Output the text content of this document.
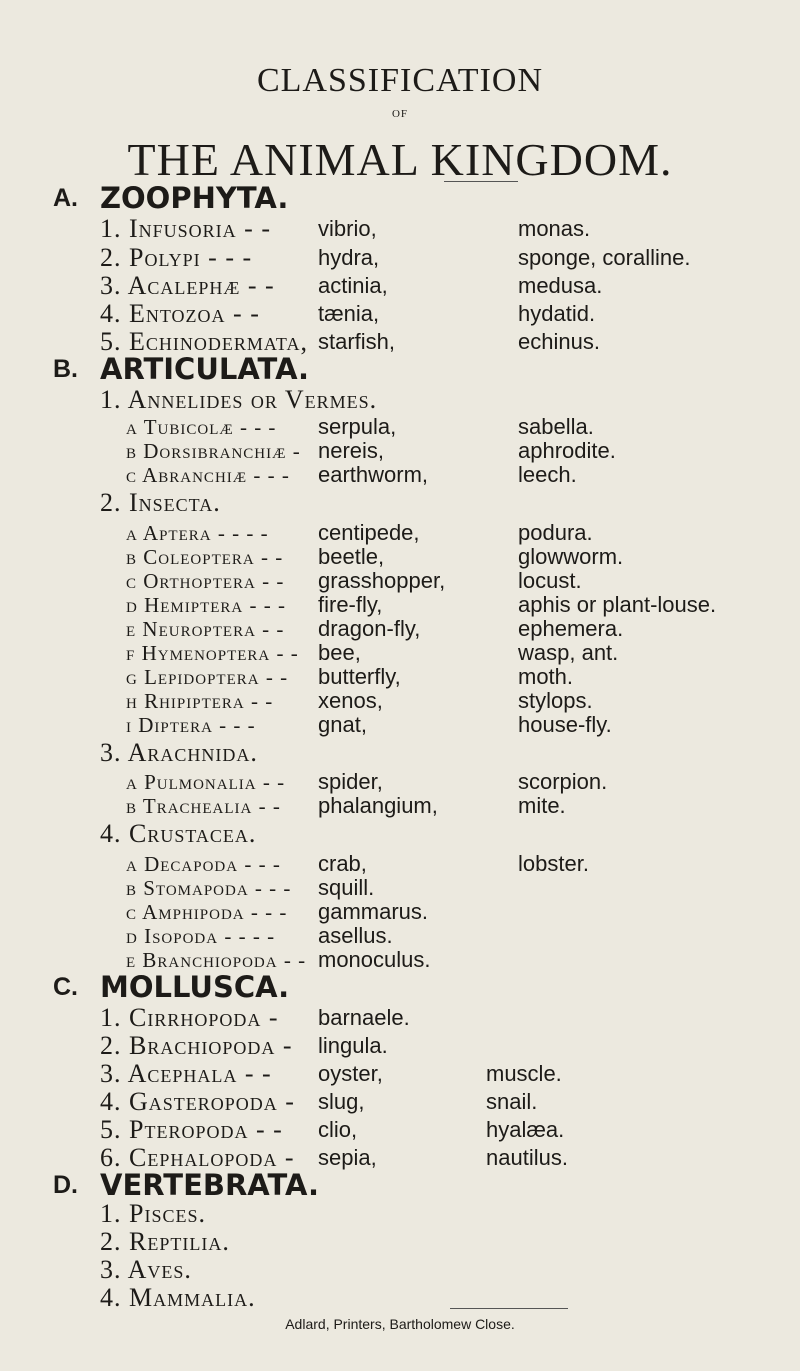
CLASSIFICATION
OF
THE ANIMAL KINGDOM.
A. ZOOPHYTA.
1. Infusoria - - vibrio,	monas.
2. Polypi - - -	hydra,	sponge, coralline.
3. Acalephæ - - actinia,	medusa.
4. Entozoa - -	tænia,	hydatid.
5. Echinodermata, starfish,	echinus.
B. ARTICULATA.
1. Annelides or Vermes.
a Tubicolæ - - - serpula,	sabella.
b Dorsibranchiæ - nereis,	aphrodite.
c Abranchiæ - - - earthworm,	leech.
2. Insecta.
a Aptera - - - - centipede,	podura.
b Coleoptera - - beetle,	glowworm.
c Orthoptera - - grasshopper,	locust.
d Hemiptera - - - fire-fly,	aphis or plant-louse.
e Neuroptera - - dragon-fly,	ephemera.
f Hymenoptera - - bee,	wasp, ant.
g Lepidoptera - - butterfly,	moth.
h Rhipiptera - - xenos,	stylops.
i Diptera - - -	gnat,	house-fly.
3. Arachnida.
a Pulmonalia - - spider,	scorpion.
b Trachealia - - phalangium,	mite.
4. Crustacea.
a Decapoda - - - crab,	lobster.
b Stomapoda - - - squill.
c Amphipoda - - - gammarus.
d Isopoda - - - - asellus.
e Branchiopoda - - monoculus.
C. MOLLUSCA.
1. Cirrhopoda - barnaele.
2. Brachiopoda - lingula.
3. Acephala - - oyster,	muscle.
4. Gasteropoda - slug,	snail.
5. Pteropoda - - clio,	hyalæa.
6. Cephalopoda - sepia,	nautilus.
D. VERTEBRATA.
1. Pisces.
2. Reptilia.
3. Aves.
4. Mammalia.
Adlard, Printers, Bartholomew Close.
